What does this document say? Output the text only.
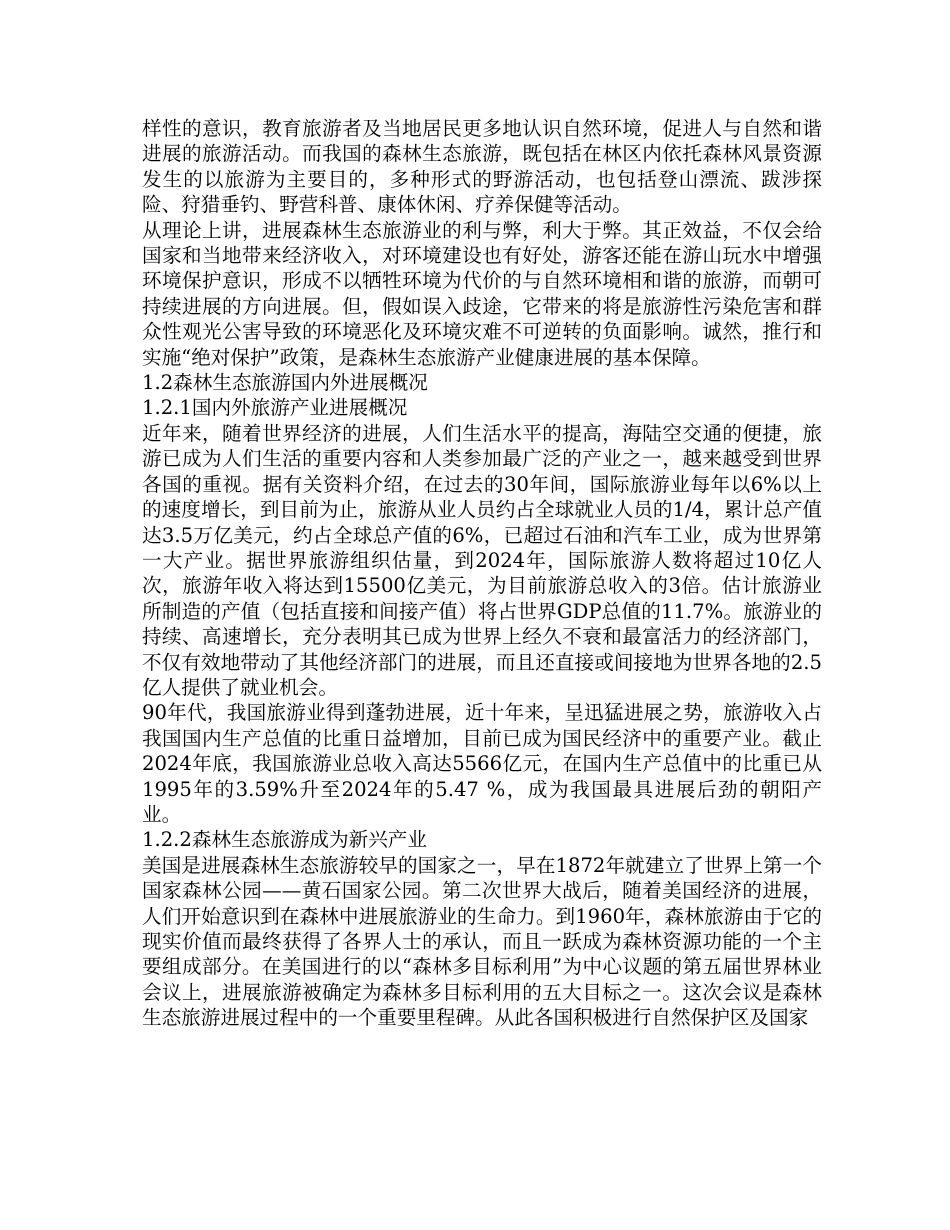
样性的意识，教育旅游者及当地居民更多地认识自然环境，促进人与自然和谐进展的旅游活动。而我国的森林生态旅游，既包括在林区内依托森林风景资源发生的以旅游为主要目的，多种形式的野游活动，也包括登山漂流、跋涉探险、狩猎垂钓、野营科普、康体休闲、疗养保健等活动。

从理论上讲，进展森林生态旅游业的利与弊，利大于弊。其正效益，不仅会给国家和当地带来经济收入，对环境建设也有好处，游客还能在游山玩水中增强环境保护意识，形成不以牺牲环境为代价的与自然环境相和谐的旅游，而朝可持续进展的方向进展。但，假如误入歧途，它带来的将是旅游性污染危害和群众性观光公害导致的环境恶化及环境灾难不可逆转的负面影响。诚然，推行和实施“绝对保护”政策，是森林生态旅游产业健康进展的基本保障。

1.2森林生态旅游国内外进展概况

1.2.1国内外旅游产业进展概况

近年来，随着世界经济的进展，人们生活水平的提高，海陆空交通的便捷，旅游已成为人们生活的重要内容和人类参加最广泛的产业之一，越来越受到世界各国的重视。据有关资料介绍，在过去的30年间，国际旅游业每年以6%以上的速度增长，到目前为止，旅游从业人员约占全球就业人员的1/4，累计总产值达3.5万亿美元，约占全球总产值的6%，已超过石油和汽车工业，成为世界第一大产业。据世界旅游组织估量，到2024年，国际旅游人数将超过10亿人次，旅游年收入将达到15500亿美元，为目前旅游总收入的3倍。估计旅游业所制造的产值（包括直接和间接产值）将占世界GDP总值的11.7%。旅游业的持续、高速增长，充分表明其已成为世界上经久不衰和最富活力的经济部门，不仅有效地带动了其他经济部门的进展，而且还直接或间接地为世界各地的2.5亿人提供了就业机会。

90年代，我国旅游业得到蓬勃进展，近十年来，呈迅猛进展之势，旅游收入占我国国内生产总值的比重日益增加，目前已成为国民经济中的重要产业。截止2024年底，我国旅游业总收入高达5566亿元，在国内生产总值中的比重已从1995年的3.59%升至2024年的5.47 %，成为我国最具进展后劲的朝阳产业。

1.2.2森林生态旅游成为新兴产业

美国是进展森林生态旅游较早的国家之一，早在1872年就建立了世界上第一个国家森林公园——黄石国家公园。第二次世界大战后，随着美国经济的进展，人们开始意识到在森林中进展旅游业的生命力。到1960年，森林旅游由于它的现实价值而最终获得了各界人士的承认，而且一跃成为森林资源功能的一个主要组成部分。在美国进行的以“森林多目标利用”为中心议题的第五届世界林业会议上，进展旅游被确定为森林多目标利用的五大目标之一。这次会议是森林生态旅游进展过程中的一个重要里程碑。从此各国积极进行自然保护区及国家
